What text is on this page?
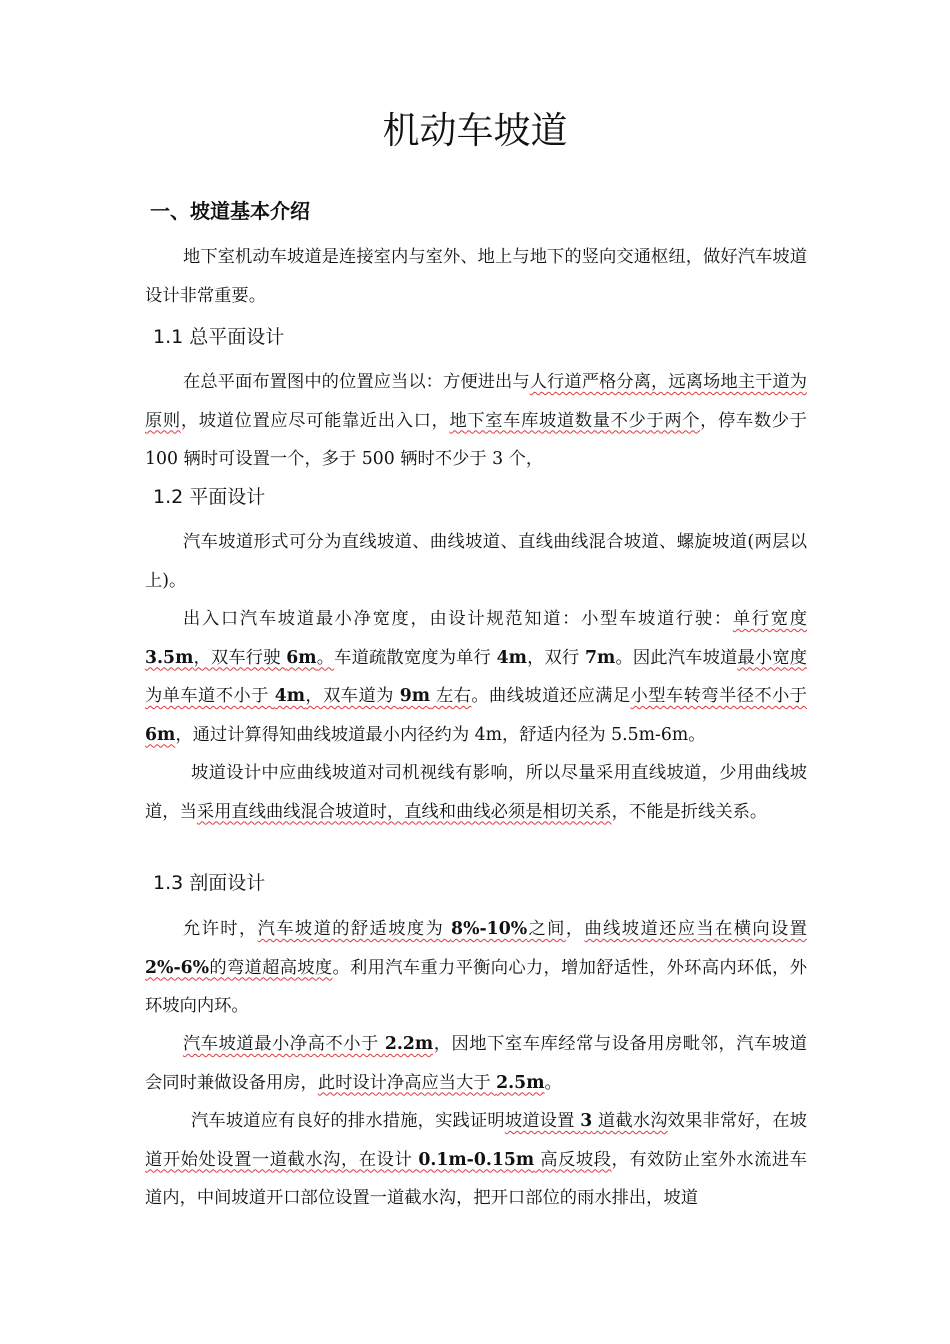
机动车坡道
一、坡道基本介绍

地下室机动车坡道是连接室内与室外、地上与地下的竖向交通枢纽，做好汽车坡道设计非常重要。

1.1 总平面设计

在总平面布置图中的位置应当以：方便进出与人行道严格分离，远离场地主干道为原则，坡道位置应尽可能靠近出入口，地下室车库坡道数量不少于两个，停车数少于 100 辆时可设置一个，多于 500 辆时不少于 3 个，

1.2 平面设计

汽车坡道形式可分为直线坡道、曲线坡道、直线曲线混合坡道、螺旋坡道(两层以上)。

出入口汽车坡道最小净宽度，由设计规范知道：小型车坡道行驶：单行宽度 3.5m，双车行驶 6m。车道疏散宽度为单行 4m，双行 7m。因此汽车坡道最小宽度为单车道不小于 4m，双车道为 9m 左右。曲线坡道还应满足小型车转弯半径不小于 6m，通过计算得知曲线坡道最小内径约为 4m，舒适内径为 5.5m-6m。

坡道设计中应曲线坡道对司机视线有影响，所以尽量采用直线坡道，少用曲线坡道，当采用直线曲线混合坡道时，直线和曲线必须是相切关系，不能是折线关系。

1.3 剖面设计

允许时，汽车坡道的舒适坡度为 8%-10%之间，曲线坡道还应当在横向设置 2%-6%的弯道超高坡度。利用汽车重力平衡向心力，增加舒适性，外环高内环低，外环坡向内环。

汽车坡道最小净高不小于 2.2m，因地下室车库经常与设备用房毗邻，汽车坡道会同时兼做设备用房，此时设计净高应当大于 2.5m。

汽车坡道应有良好的排水措施，实践证明坡道设置 3 道截水沟效果非常好，在坡道开始处设置一道截水沟，在设计 0.1m-0.15m 高反坡段，有效防止室外水流进车道内，中间坡道开口部位设置一道截水沟，把开口部位的雨水排出，坡道
